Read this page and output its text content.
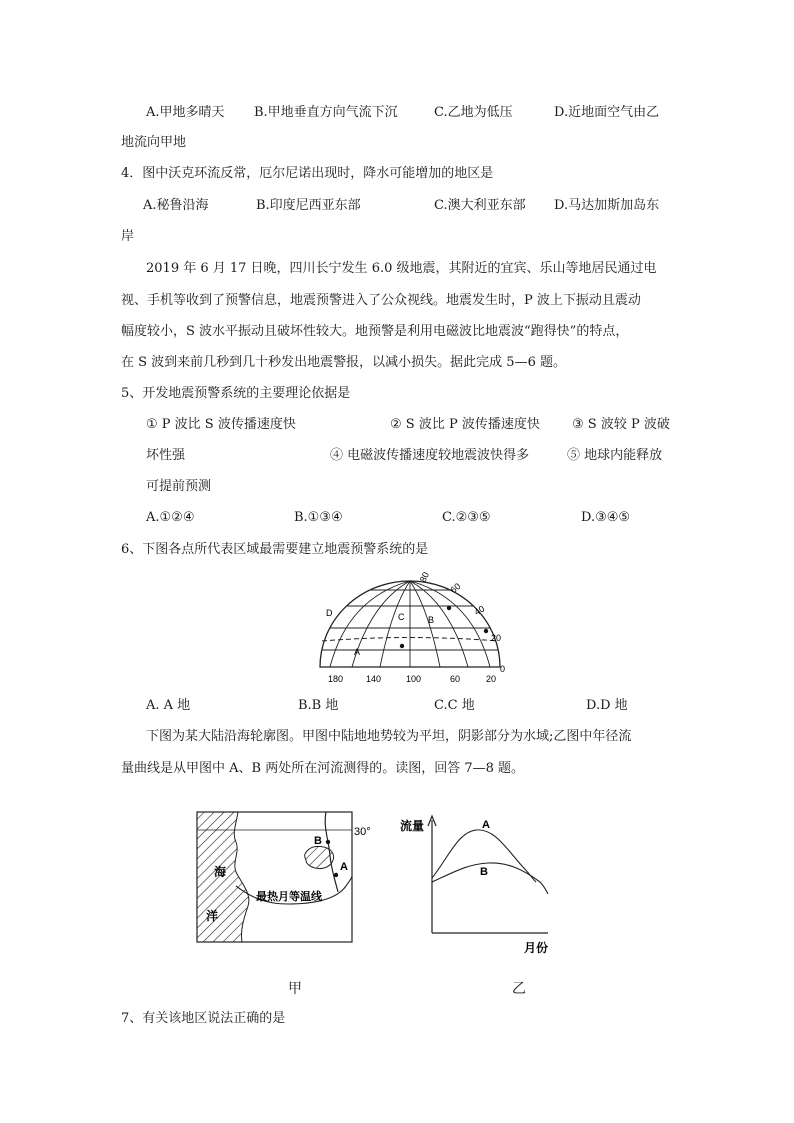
A.甲地多晴天 B.甲地垂直方向气流下沉	C.乙地为低压	D.近地面空气由乙
地流向甲地
4．图中沃克环流反常，厄尔尼诺出现时，降水可能增加的地区是
A.秘鲁沿海	B.印度尼西亚东部	C.澳大利亚东部 D.马达加斯加岛东
岸
2019 年 6 月 17 日晚，四川长宁发生 6.0 级地震，其附近的宜宾、乐山等地居民通过电
视、手机等收到了预警信息，地震预警进入了公众视线。地震发生时，P 波上下振动且震动
幅度较小，S 波水平振动且破坏性较大。地预警是利用电磁波比地震波“跑得快”的特点，
在 S 波到来前几秒到几十秒发出地震警报，以减小损失。据此完成 5—6 题。
5、开发地震预警系统的主要理论依据是
① P 波比 S 波传播速度快	② S 波比 P 波传播速度快 ③ S 波较 P 波破
坏性强	④ 电磁波传播速度较地震波快得多	⑤ 地球内能释放
可提前预测
A.①②④	B.①③④	C.②③⑤	D.③④⑤
6、下图各点所代表区域最需要建立地震预警系统的是
A
B
C
D
80
60
40
20
0
180	140	100	60	20
A. A 地	B.B 地	C.C 地	D.D 地
下图为某大陆沿海轮廓图。甲图中陆地地势较为平坦，阴影部分为水域;乙图中年径流
量曲线是从甲图中 A、B 两处所在河流测得的。读图，回答 7—8 题。
30°
B
A
海
洋
最热月等温线
甲
流量
月份
A
B
乙
7、有关该地区说法正确的是
